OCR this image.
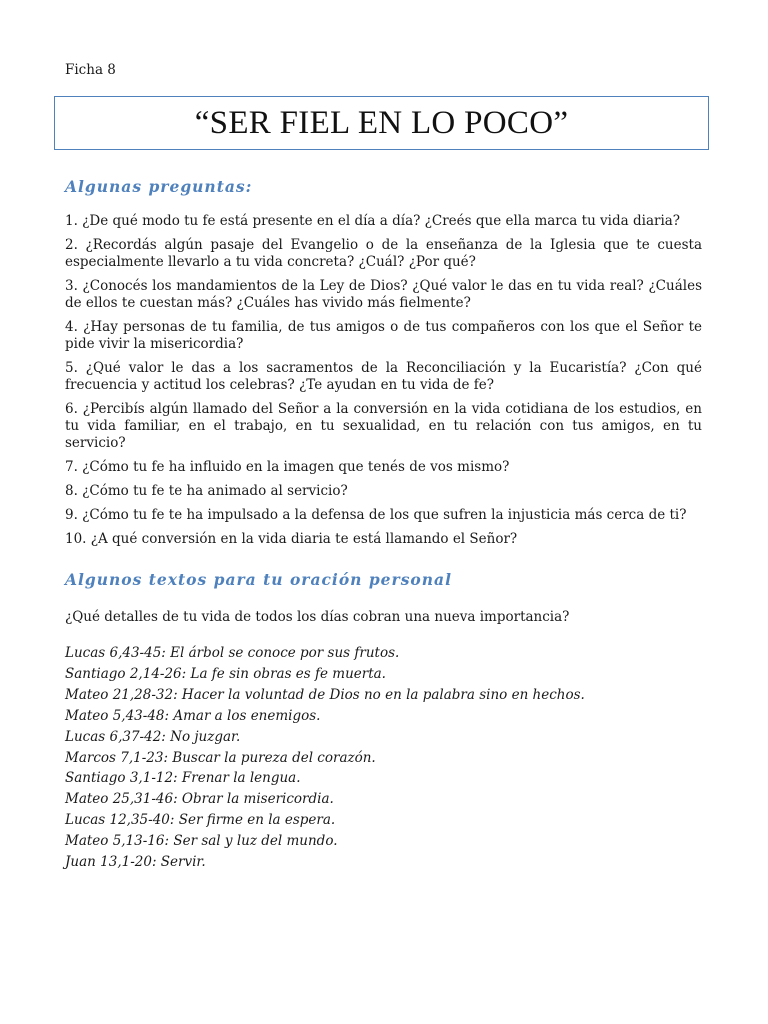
Ficha 8
“SER FIEL EN LO POCO”
Algunas preguntas:
1. ¿De qué modo tu fe está presente en el día a día? ¿Creés que ella marca tu vida diaria?
2. ¿Recordás algún pasaje del Evangelio o de la enseñanza de la Iglesia que te cuesta especialmente llevarlo a tu vida concreta? ¿Cuál? ¿Por qué?
3. ¿Conocés los mandamientos de la Ley de Dios? ¿Qué valor le das en tu vida real? ¿Cuáles de ellos te cuestan más? ¿Cuáles has vivido más fielmente?
4. ¿Hay personas de tu familia, de tus amigos o de tus compañeros con los que el Señor te pide vivir la misericordia?
5. ¿Qué valor le das a los sacramentos de la Reconciliación y la Eucaristía? ¿Con qué frecuencia y actitud los celebras? ¿Te ayudan en tu vida de fe?
6. ¿Percibís algún llamado del Señor a la conversión en la vida cotidiana de los estudios, en tu vida familiar, en el trabajo, en tu sexualidad, en tu relación con tus amigos, en tu servicio?
7. ¿Cómo tu fe ha influido en la imagen que tenés de vos mismo?
8. ¿Cómo tu fe te ha animado al servicio?
9. ¿Cómo tu fe te ha impulsado a la defensa de los que sufren la injusticia más cerca de ti?
10. ¿A qué conversión en la vida diaria te está llamando el Señor?
Algunos textos para tu oración personal
¿Qué detalles de tu vida de todos los días cobran una nueva importancia?
Lucas 6,43-45: El árbol se conoce por sus frutos.
Santiago 2,14-26: La fe sin obras es fe muerta.
Mateo 21,28-32: Hacer la voluntad de Dios no en la palabra sino en hechos.
Mateo 5,43-48: Amar a los enemigos.
Lucas 6,37-42: No juzgar.
Marcos 7,1-23: Buscar la pureza del corazón.
Santiago 3,1-12: Frenar la lengua.
Mateo 25,31-46: Obrar la misericordia.
Lucas 12,35-40: Ser firme en la espera.
Mateo 5,13-16: Ser sal y luz del mundo.
Juan 13,1-20: Servir.
